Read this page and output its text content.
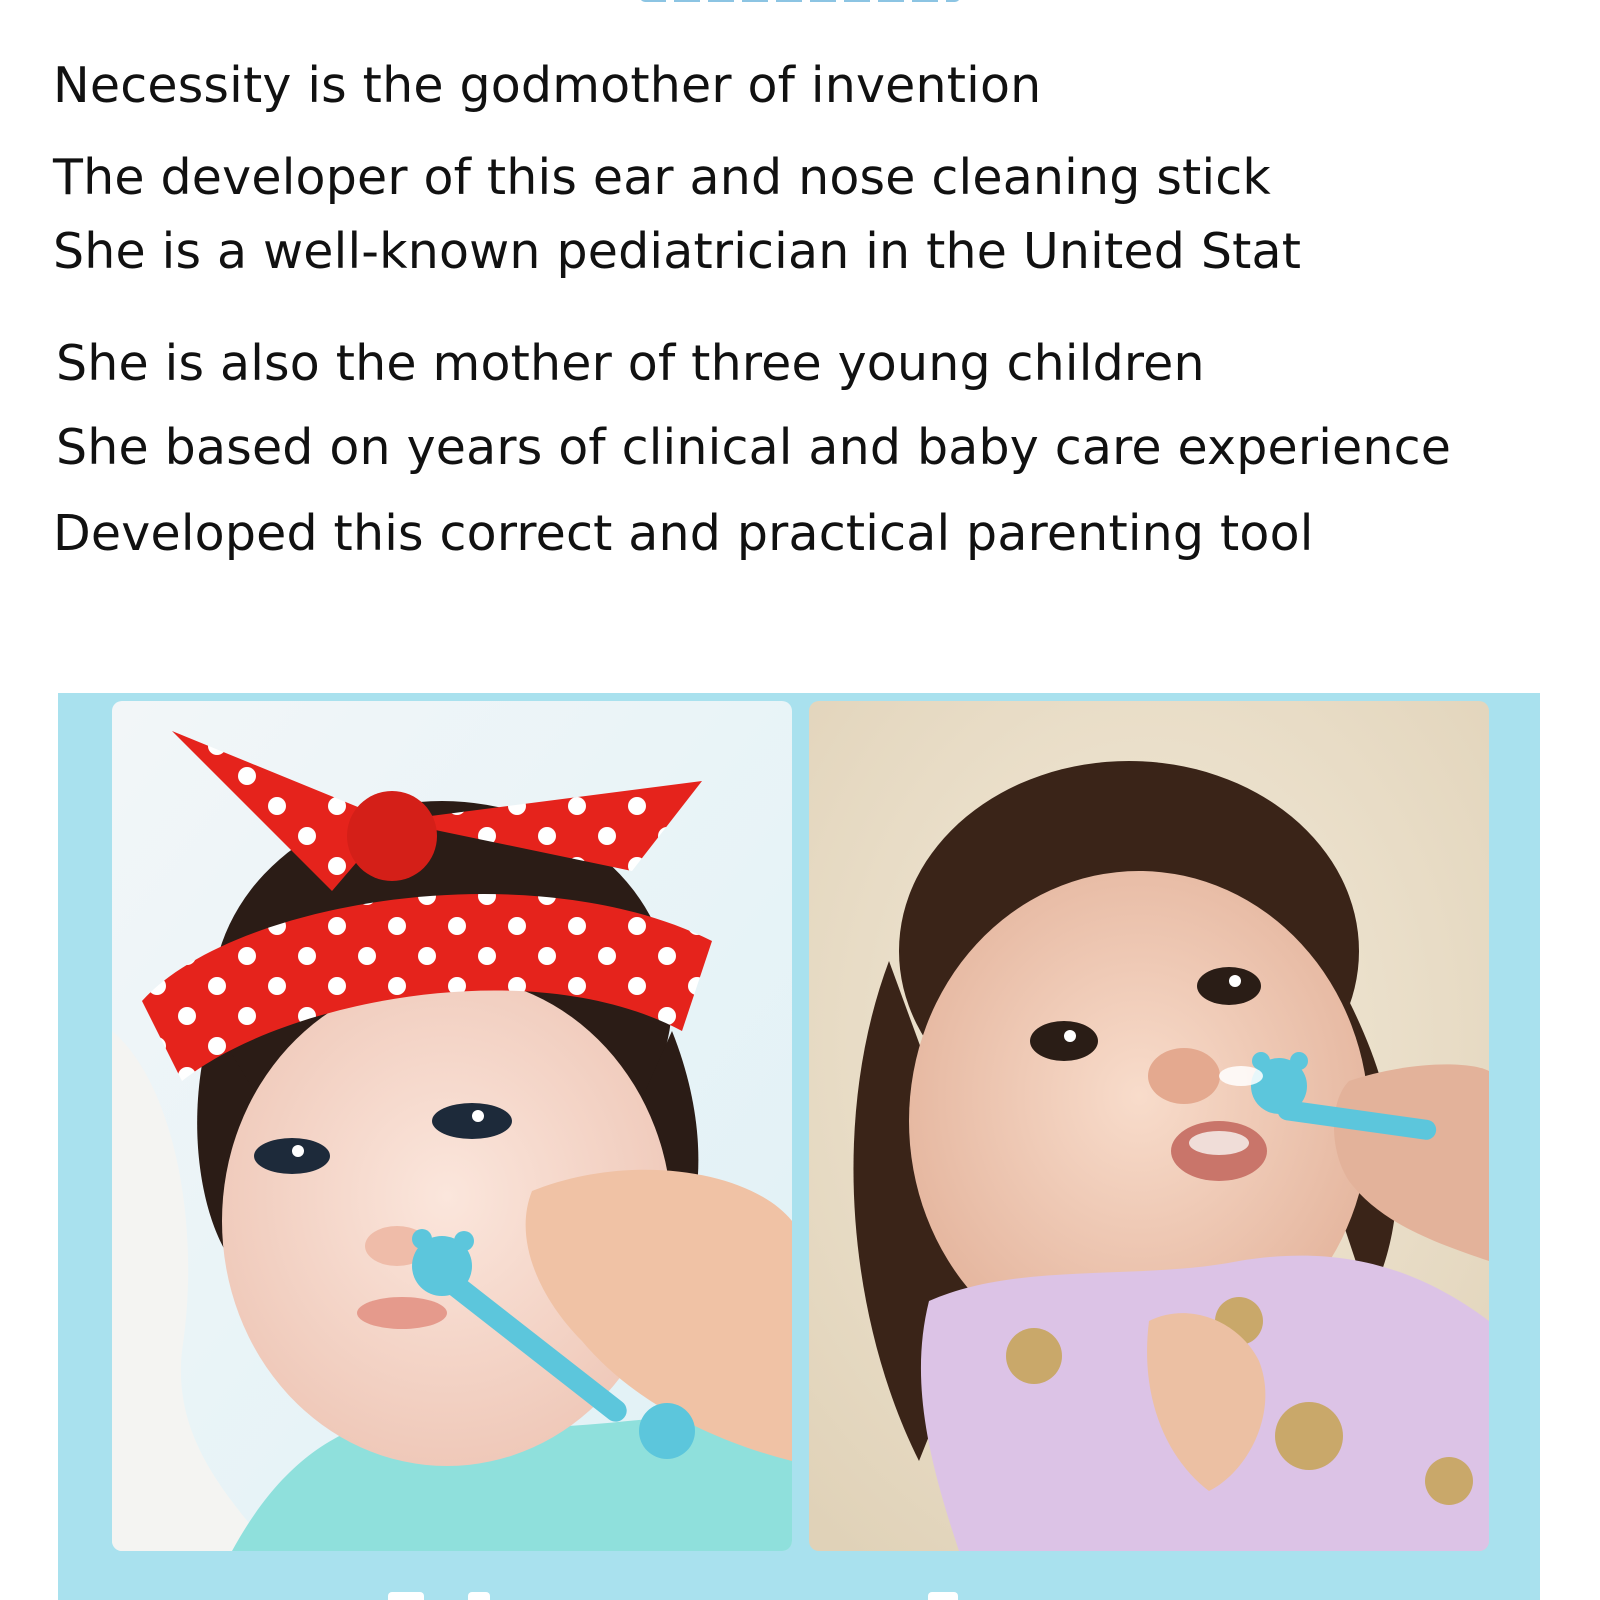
Necessity is the godmother of invention

The developer of this ear and nose cleaning stick

She is a well-known pediatrician in the United Stat

She is also the mother of three young children

She based on years of clinical and baby care experience

Developed this correct and practical parenting tool
